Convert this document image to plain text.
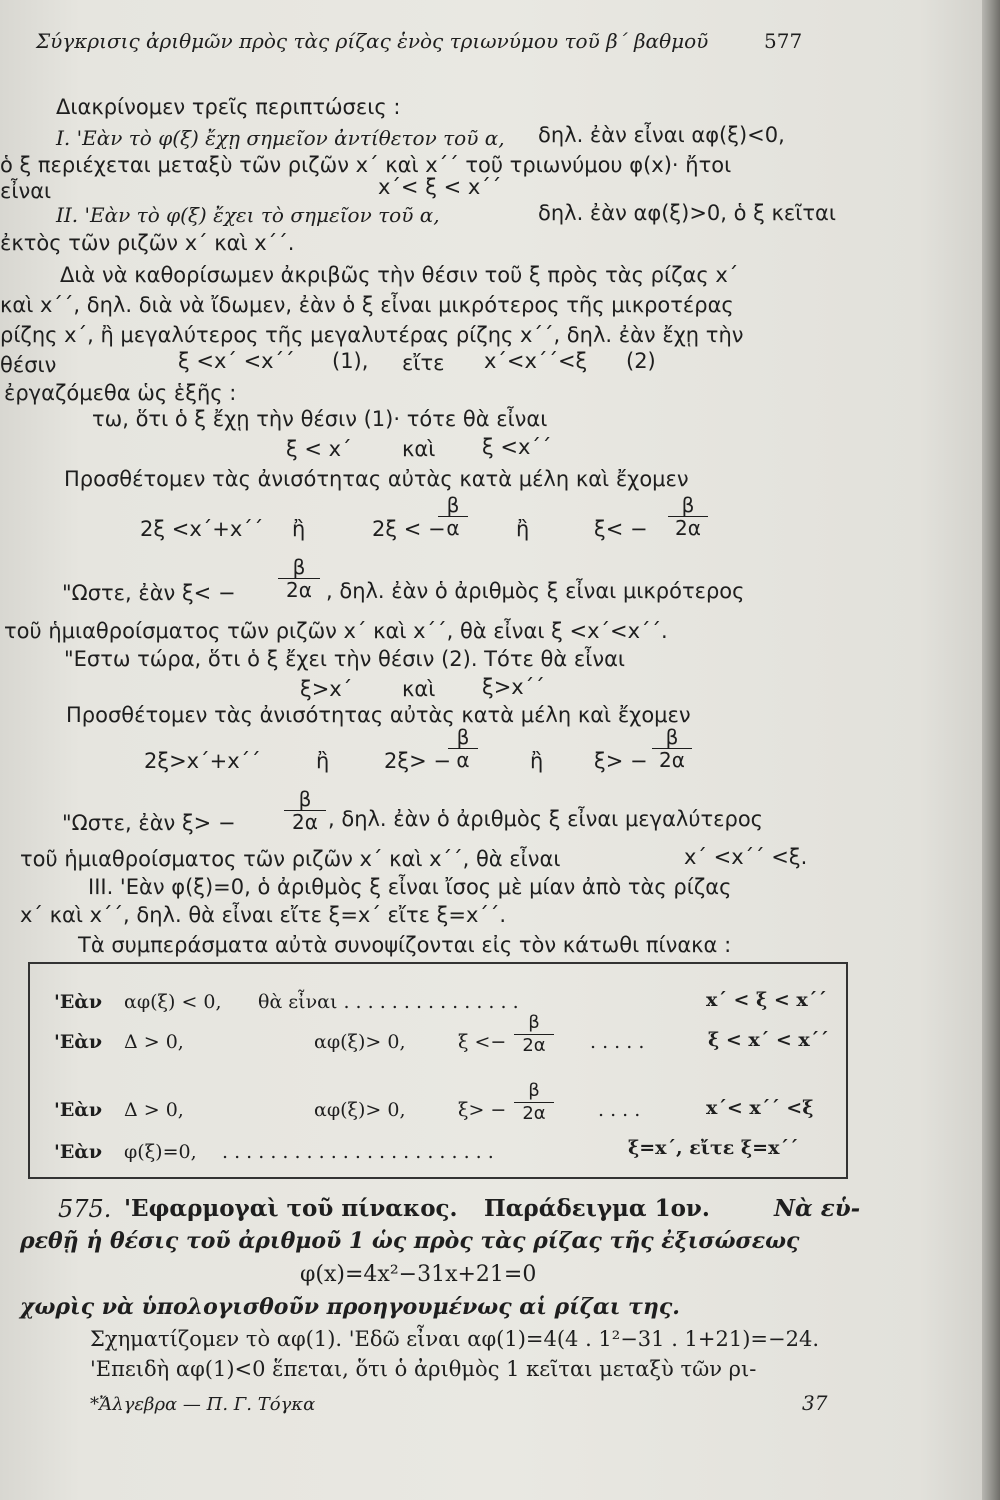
Σύγκρισις ἀριθμῶν πρὸς τὰς ρίζας ἑνὸς τριωνύμου τοῦ β΄ βαθμοῦ	577
Διακρίνομεν τρεῖς περιπτώσεις :
Ι. 'Εὰν τὸ φ(ξ) ἔχῃ σημεῖον ἀντίθετον τοῦ α, δηλ. ἐὰν εἶναι αφ(ξ)<0,
ὁ ξ περιέχεται μεταξὺ τῶν ριζῶν x΄ καὶ x΄΄ τοῦ τριωνύμου φ(x)· ἤτοι
εἶναι	x΄< ξ < x΄΄
ΙΙ. 'Εὰν τὸ φ(ξ) ἔχει τὸ σημεῖον τοῦ α,	δηλ. ἐὰν αφ(ξ)>0, ὁ ξ κεῖται
ἐκτὸς τῶν ριζῶν x΄ καὶ x΄΄.
Διὰ νὰ καθορίσωμεν ἀκριβῶς τὴν θέσιν τοῦ ξ πρὸς τὰς ρίζας x΄
καὶ x΄΄, δηλ. διὰ νὰ ἴδωμεν, ἐὰν ὁ ξ εἶναι μικρότερος τῆς μικροτέρας
ρίζης x΄, ἢ μεγαλύτερος τῆς μεγαλυτέρας ρίζης x΄΄, δηλ. ἐὰν ἔχῃ τὴν
θέσιν	ξ <x΄ <x΄΄ (1), εἴτε x΄<x΄΄<ξ (2)
ἐργαζόμεθα ὡς ἑξῆς :
τω, ὅτι ὁ ξ ἔχῃ τὴν θέσιν (1)· τότε θὰ εἶναι
ξ < x΄ καὶ ξ <x΄΄
Προσθέτομεν τὰς ἀνισότητας αὐτὰς κατὰ μέλη καὶ ἔχομεν
2ξ <x΄+x΄΄ ἢ	2ξ < −
$\frac{\beta}{\alpha}$ ἢ	$\xi< - \frac{\beta}{2\alpha}$
"Ωστε, ἐὰν $\xi< - \frac{\beta}{2\alpha}$ , δηλ. ἐὰν ὁ ἀριθμὸς ξ εἶναι μικρότερος
τοῦ ἡμιαθροίσματος τῶν ριζῶν x΄ καὶ x΄΄, θὰ εἶναι ξ <x΄<x΄΄.
"Εστω τώρα, ὅτι ὁ ξ ἔχει τὴν θέσιν (2). Τότε θὰ εἶναι
ξ>x΄ καὶ ξ>x΄΄
Προσθέτομεν τὰς ἀνισότητας αὐτὰς κατὰ μέλη καὶ ἔχομεν
2ξ>x΄+x΄΄	ἢ	2ξ> −
$\frac{\beta}{\alpha}$ ἢ $\xi> - \frac{\beta}{2\alpha}$
"Ωστε, ἐὰν $\xi> - \frac{\beta}{2\alpha}$ , δηλ. ἐὰν ὁ ἀριθμὸς ξ εἶναι μεγαλύτερος
τοῦ ἡμιαθροίσματος τῶν ριζῶν x΄ καὶ x΄΄, θὰ εἶναι	x΄ <x΄΄ <ξ.
ΙΙΙ. 'Εὰν φ(ξ)=0, ὁ ἀριθμὸς ξ εἶναι ἴσος μὲ μίαν ἀπὸ τὰς ρίζας
x΄ καὶ x΄΄, δηλ. θὰ εἶναι εἴτε ξ=x΄ εἴτε ξ=x΄΄.
Τὰ συμπεράσματα αὐτὰ συνοψίζονται εἰς τὸν κάτωθι πίνακα :
'Εὰν αφ(ξ) < 0, θὰ εἶναι . . . . . . . . . . . . . . .	x΄ < ξ < x΄΄
'Εὰν Δ > 0,	αφ(ξ)> 0,	$\xi <- \frac{\beta}{2\alpha}$ . . . . .	ξ < x΄ < x΄΄
'Εὰν Δ > 0,	αφ(ξ)> 0,	$\xi> - \frac{\beta}{2\alpha}$ . . . .	x΄< x΄΄ <ξ
'Εὰν φ(ξ)=0, . . . . . . . . . . . . . . . . . . . . . . .	ξ=x΄, εἴτε ξ=x΄΄
575. 'Εφαρμογαὶ τοῦ πίνακος. Παράδειγμα 1ον.	Νὰ εὑ-
ρεθῇ ἡ θέσις τοῦ ἀριθμοῦ 1 ὡς πρὸς τὰς ρίζας τῆς ἐξισώσεως
φ(x)=4x²−31x+21=0
χωρὶς νὰ ὑπολογισθοῦν προηγουμένως αἱ ρίζαι της.
Σχηματίζομεν τὸ αφ(1). 'Εδῶ εἶναι αφ(1)=4(4 . 1²−31 . 1+21)=−24.
'Επειδὴ αφ(1)<0 ἕπεται, ὅτι ὁ ἀριθμὸς 1 κεῖται μεταξὺ τῶν ρι-
*Ἄλγεβρα — Π. Γ. Τόγκα	37
